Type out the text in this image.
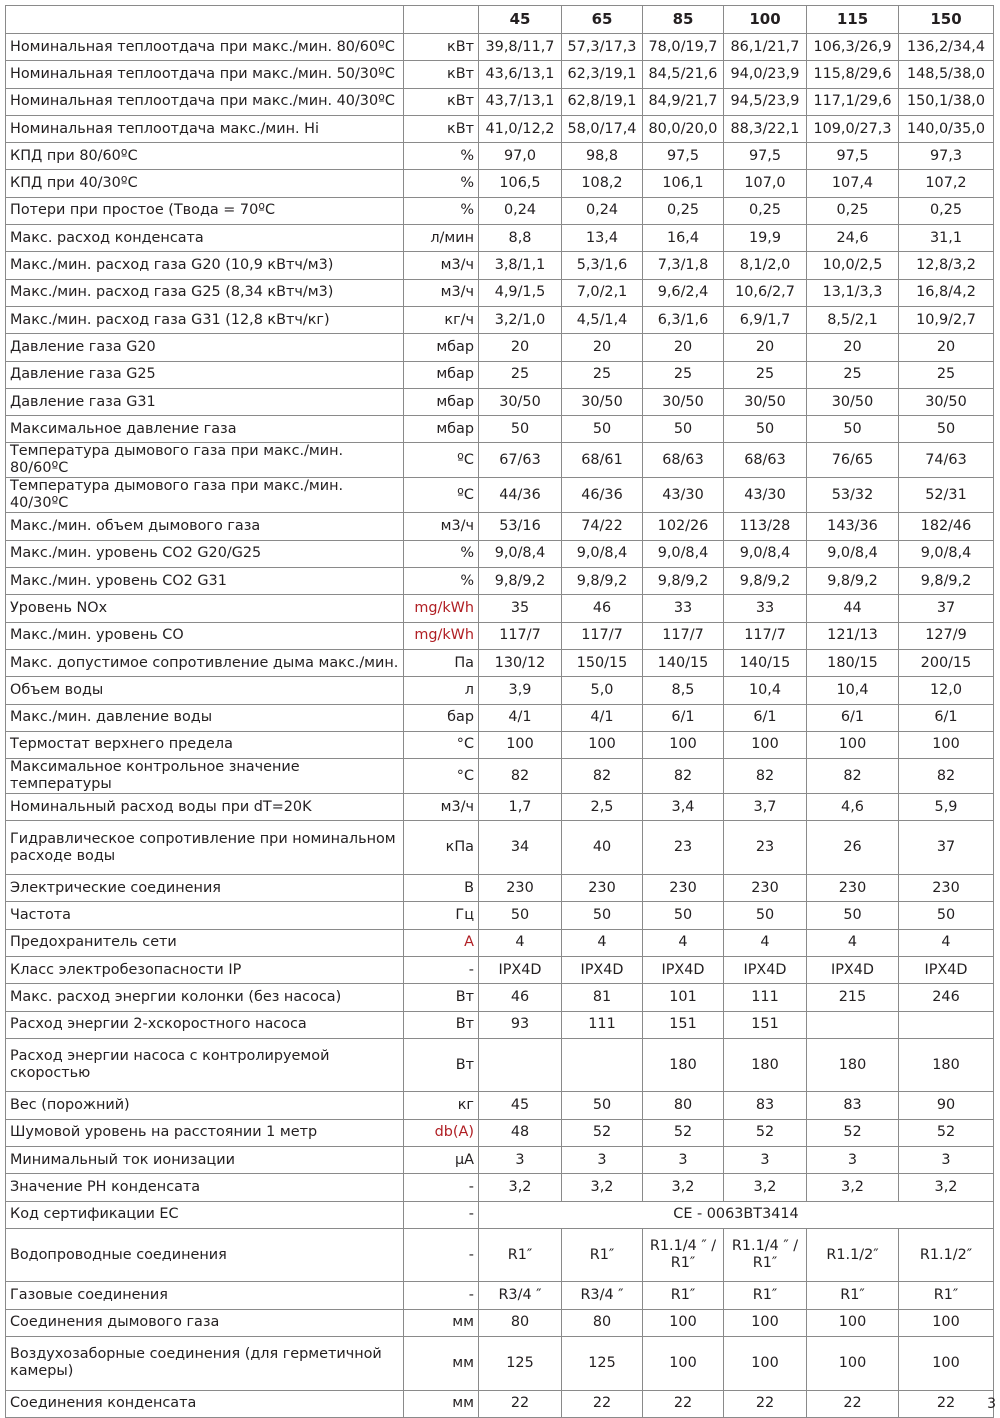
		45	65	85	100	115	150
Номинальная теплоотдача при макс./мин. 80/60ºC	кВт	39,8/11,7	57,3/17,3	78,0/19,7	86,1/21,7	106,3/26,9	136,2/34,4
Номинальная теплоотдача при макс./мин. 50/30ºC	кВт	43,6/13,1	62,3/19,1	84,5/21,6	94,0/23,9	115,8/29,6	148,5/38,0
Номинальная теплоотдача при макс./мин. 40/30ºC	кВт	43,7/13,1	62,8/19,1	84,9/21,7	94,5/23,9	117,1/29,6	150,1/38,0
Номинальная теплоотдача макс./мин. Hi	кВт	41,0/12,2	58,0/17,4	80,0/20,0	88,3/22,1	109,0/27,3	140,0/35,0
КПД при 80/60ºC	%	97,0	98,8	97,5	97,5	97,5	97,3
КПД при 40/30ºC	%	106,5	108,2	106,1	107,0	107,4	107,2
Потери при простое (Tвода = 70ºC	%	0,24	0,24	0,25	0,25	0,25	0,25
Макс. расход конденсата	л/мин	8,8	13,4	16,4	19,9	24,6	31,1
Макс./мин. расход газа G20 (10,9 кВтч/м3)	м3/ч	3,8/1,1	5,3/1,6	7,3/1,8	8,1/2,0	10,0/2,5	12,8/3,2
Макс./мин. расход газа G25 (8,34 кВтч/м3)	м3/ч	4,9/1,5	7,0/2,1	9,6/2,4	10,6/2,7	13,1/3,3	16,8/4,2
Макс./мин. расход газа G31 (12,8 кВтч/кг)	кг/ч	3,2/1,0	4,5/1,4	6,3/1,6	6,9/1,7	8,5/2,1	10,9/2,7
Давление газа G20	мбар	20	20	20	20	20	20
Давление газа G25	мбар	25	25	25	25	25	25
Давление газа G31	мбар	30/50	30/50	30/50	30/50	30/50	30/50
Максимальное давление газа	мбар	50	50	50	50	50	50
Температура дымового газа при макс./мин. 80/60ºC	ºC	67/63	68/61	68/63	68/63	76/65	74/63
Температура дымового газа при макс./мин. 40/30ºC	ºC	44/36	46/36	43/30	43/30	53/32	52/31
Макс./мин. объем дымового газа	м3/ч	53/16	74/22	102/26	113/28	143/36	182/46
Макс./мин. уровень CO2 G20/G25	%	9,0/8,4	9,0/8,4	9,0/8,4	9,0/8,4	9,0/8,4	9,0/8,4
Макс./мин. уровень CO2 G31	%	9,8/9,2	9,8/9,2	9,8/9,2	9,8/9,2	9,8/9,2	9,8/9,2
Уровень NOx	mg/kWh	35	46	33	33	44	37
Макс./мин. уровень CO	mg/kWh	117/7	117/7	117/7	117/7	121/13	127/9
Макс. допустимое сопротивление дыма макс./мин.	Па	130/12	150/15	140/15	140/15	180/15	200/15
Объем воды	л	3,9	5,0	8,5	10,4	10,4	12,0
Макс./мин. давление воды	бар	4/1	4/1	6/1	6/1	6/1	6/1
Термостат верхнего предела	°C	100	100	100	100	100	100
Максимальное контрольное значение температуры	°C	82	82	82	82	82	82
Номинальный расход воды при dT=20K	м3/ч	1,7	2,5	3,4	3,7	4,6	5,9
Гидравлическое сопротивление при номинальном расходе воды	кПа	34	40	23	23	26	37
Электрические соединения	В	230	230	230	230	230	230
Частота	Гц	50	50	50	50	50	50
Предохранитель сети	А	4	4	4	4	4	4
Класс электробезопасности IP	-	IPX4D	IPX4D	IPX4D	IPX4D	IPX4D	IPX4D
Макс. расход энергии колонки (без насоса)	Вт	46	81	101	111	215	246
Расход энергии 2-хскоростного насоса	Вт	93	111	151	151		
Расход энергии насоса с контролируемой скоростью	Вт			180	180	180	180
Вес (порожний)	кг	45	50	80	83	83	90
Шумовой уровень на расстоянии 1 метр	db(A)	48	52	52	52	52	52
Минимальный ток ионизации	µA	3	3	3	3	3	3
Значение PH конденсата	-	3,2	3,2	3,2	3,2	3,2	3,2
Код сертификации ЕС	-	CE - 0063BT3414					
Водопроводные соединения	-	R1″	R1″	R1.1/4 ″ / R1″	R1.1/4 ″ / R1″	R1.1/2″	R1.1/2″
Газовые соединения	-	R3/4 ″	R3/4 ″	R1″	R1″	R1″	R1″
Соединения дымового газа	мм	80	80	100	100	100	100
Воздухозаборные соединения (для герметичной камеры)	мм	125	125	100	100	100	100
Соединения конденсата	мм	22	22	22	22	22	22 3
